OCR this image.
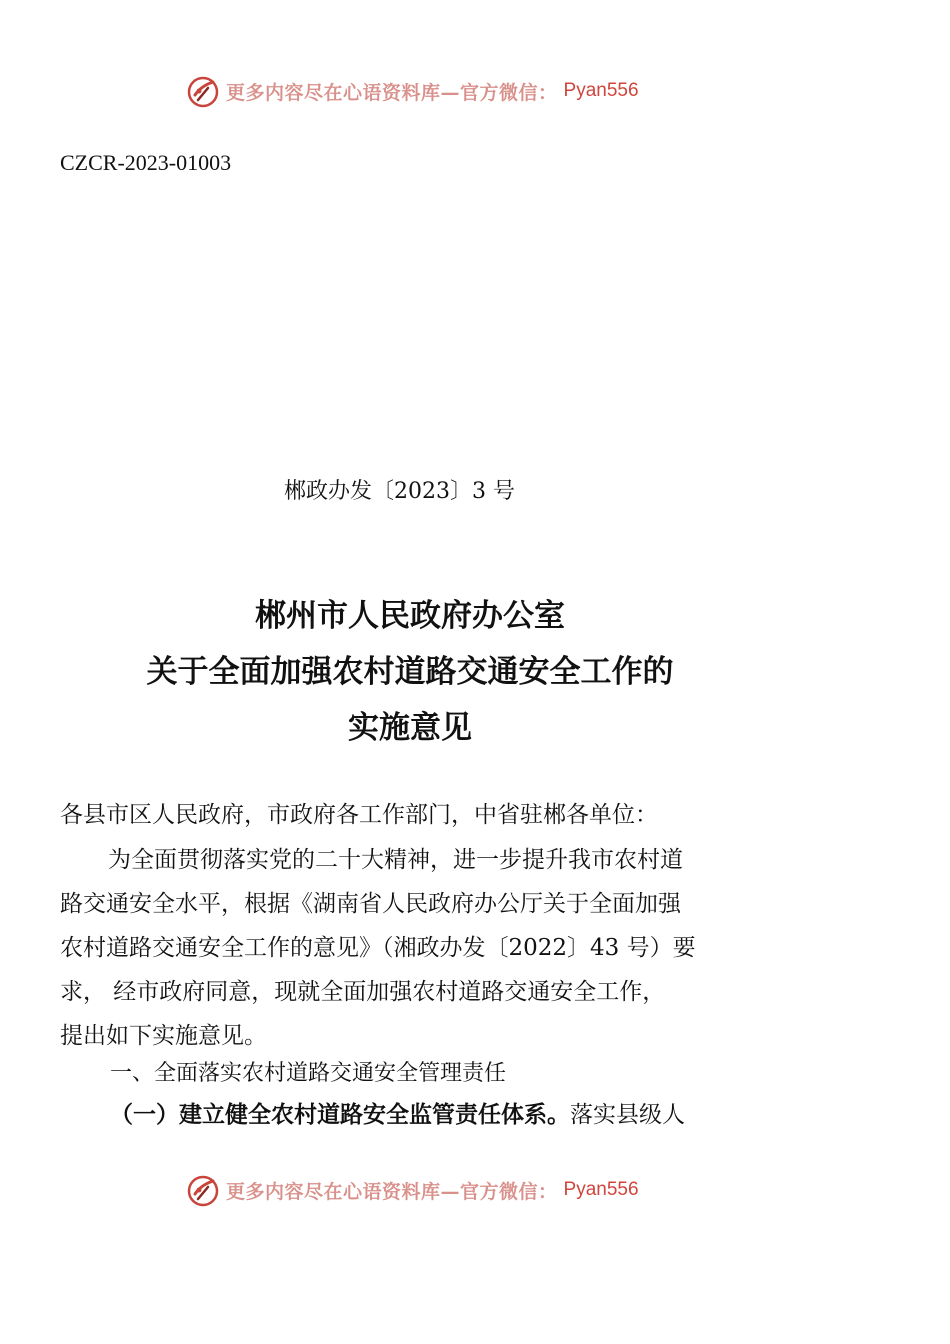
更多内容尽在心语资料库—官方微信： Pyan556
CZCR-2023-01003
郴政办发〔2023〕3 号
郴州市人民政府办公室
关于全面加强农村道路交通安全工作的
实施意见
各县市区人民政府，市政府各工作部门，中省驻郴各单位：
为全面贯彻落实党的二十大精神，进一步提升我市农村道
路交通安全水平，根据《湖南省人民政府办公厅关于全面加强
农村道路交通安全工作的意见》（湘政办发〔2022〕43 号）要
求， 经市政府同意，现就全面加强农村道路交通安全工作，
提出如下实施意见。
一、全面落实农村道路交通安全管理责任
（一）建立健全农村道路安全监管责任体系。落实县级人
更多内容尽在心语资料库—官方微信： Pyan556
